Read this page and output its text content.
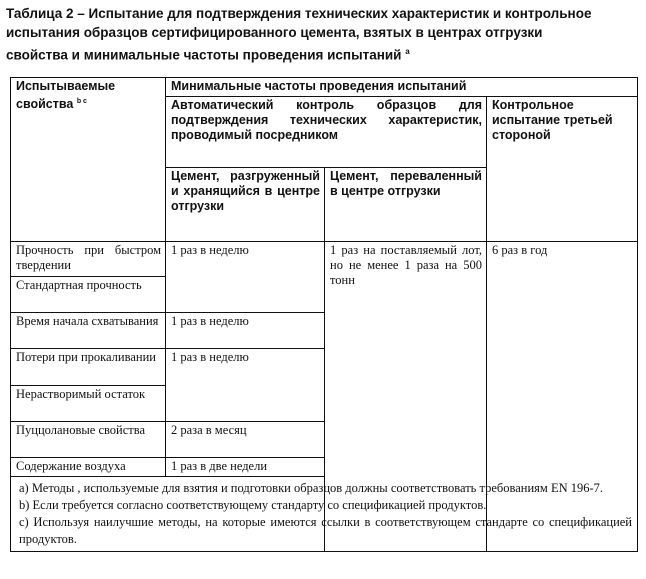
Таблица 2 – Испытание для подтверждения технических характеристик и контрольное
испытания образцов сертифицированного цемента, взятых в центрах отгрузки
свойства и минимальные частоты проведения испытаний $^a$
Испытываемые свойства $^{b c}$	Минимальные частоты проведения испытаний		
	Автоматический контроль образцов для подтверждения технических характеристик, проводимый посредником		Контрольное испытание третьей стороной
	Цемент, разгруженный и хранящийся в центре отгрузки	Цемент, переваленный в центре отгрузки	
Прочность при быстром твердении	1 раз в неделю	1 раз на поставляемый лот, но не менее 1 раза на 500 тонн	6 раз в год
Стандартная прочность			
Время начала схватывания	1 раз в неделю		
Потери при прокаливании	1 раз в неделю		
Нерастворимый остаток			
Пуццолановые свойства	2 раза в месяц		
Содержание воздуха	1 раз в две недели		

а) Методы , используемые для взятия и подготовки образцов должны соответствовать требованиям EN 196-7.
b) Если требуется согласно соответствующему стандарту со спецификацией продуктов.
с) Используя наилучшие методы, на которые имеются ссылки в соответствующем стандарте со спецификацией продуктов.			
